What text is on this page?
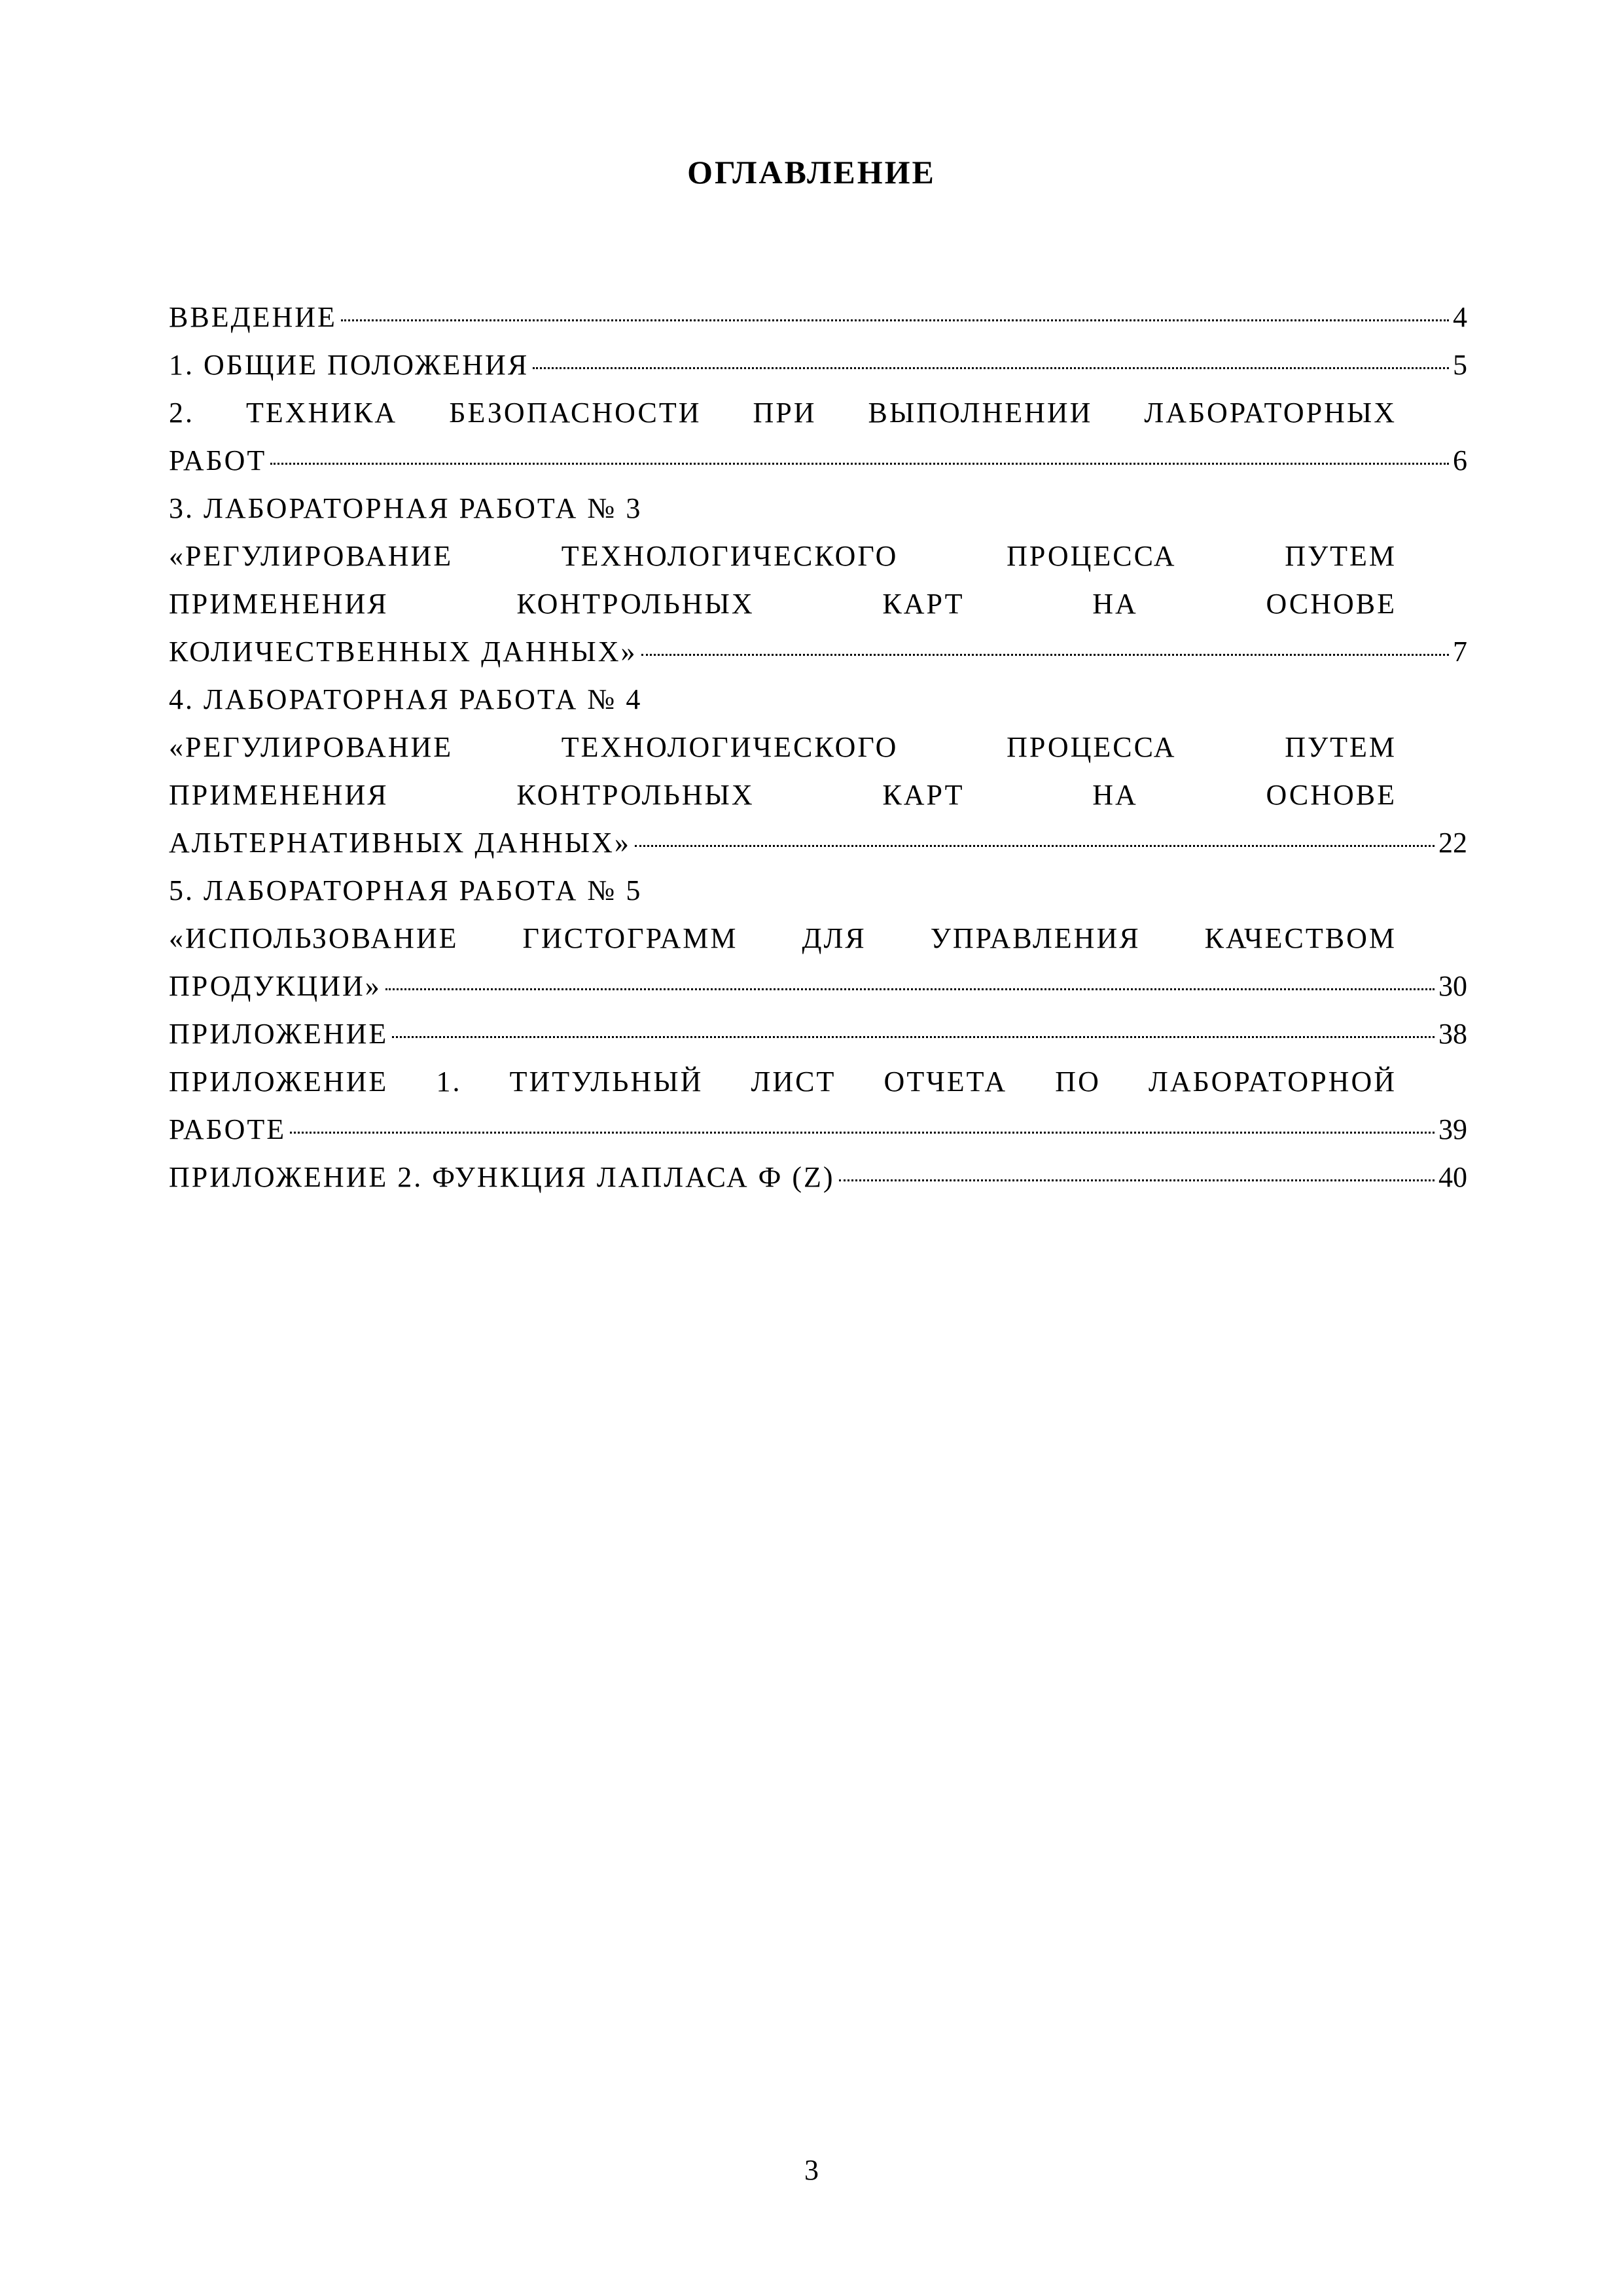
ОГЛАВЛЕНИЕ
ВВЕДЕНИЕ	4
1. ОБЩИЕ ПОЛОЖЕНИЯ	5
2. ТЕХНИКА БЕЗОПАСНОСТИ ПРИ ВЫПОЛНЕНИИ ЛАБОРАТОРНЫХ
РАБОТ	6
3. ЛАБОРАТОРНАЯ РАБОТА № 3
«РЕГУЛИРОВАНИЕ ТЕХНОЛОГИЧЕСКОГО ПРОЦЕССА ПУТЕМ
ПРИМЕНЕНИЯ КОНТРОЛЬНЫХ КАРТ НА ОСНОВЕ
КОЛИЧЕСТВЕННЫХ ДАННЫХ»	7
4. ЛАБОРАТОРНАЯ РАБОТА № 4
«РЕГУЛИРОВАНИЕ ТЕХНОЛОГИЧЕСКОГО ПРОЦЕССА ПУТЕМ
ПРИМЕНЕНИЯ КОНТРОЛЬНЫХ КАРТ НА ОСНОВЕ
АЛЬТЕРНАТИВНЫХ ДАННЫХ»	22
5. ЛАБОРАТОРНАЯ РАБОТА № 5
«ИСПОЛЬЗОВАНИЕ ГИСТОГРАММ ДЛЯ УПРАВЛЕНИЯ КАЧЕСТВОМ
ПРОДУКЦИИ»	30
ПРИЛОЖЕНИЕ	38
ПРИЛОЖЕНИЕ 1. ТИТУЛЬНЫЙ ЛИСТ ОТЧЕТА ПО ЛАБОРАТОРНОЙ
РАБОТЕ	39
ПРИЛОЖЕНИЕ 2. ФУНКЦИЯ ЛАПЛАСА Ф (Z)	40
3
